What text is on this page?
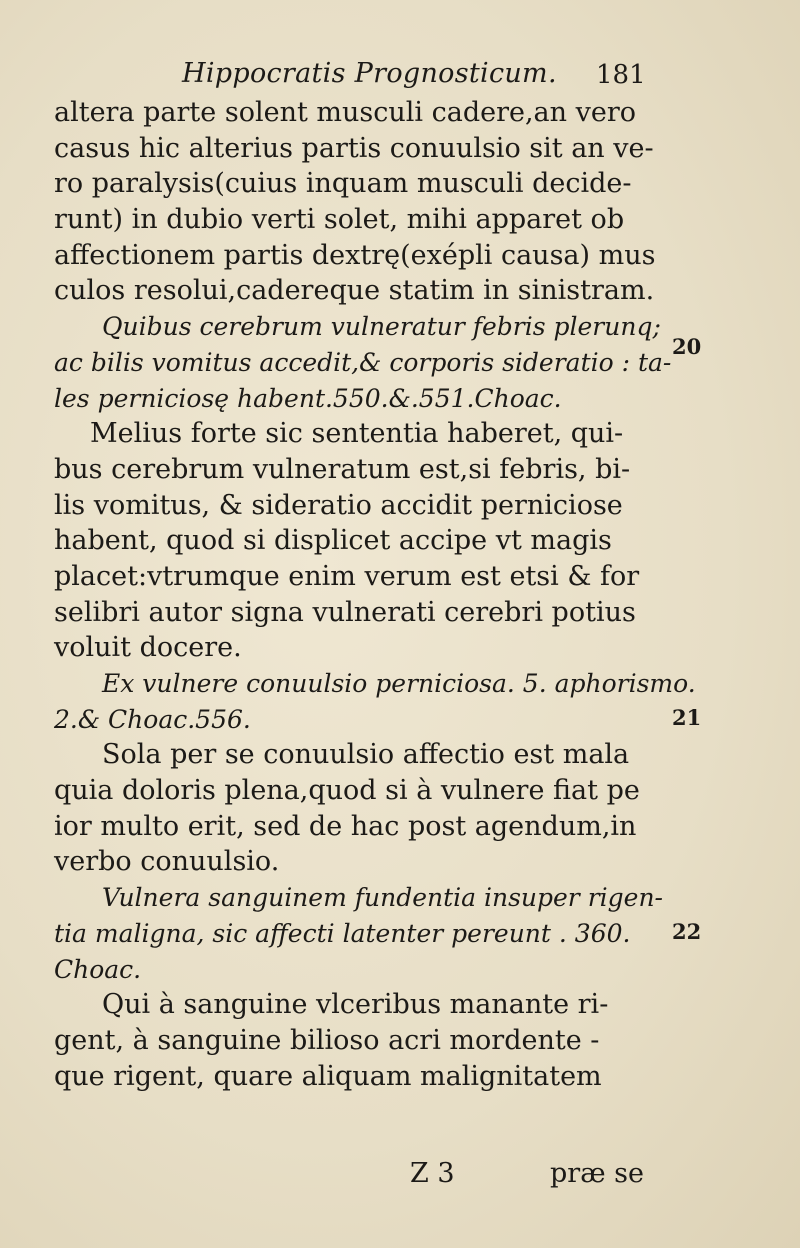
Hippocratis Prognosticum. 181
altera parte solent musculi cadere,an vero
casus hic alterius partis conuulsio sit an ve-
ro paralysis(cuius inquam musculi decide-
runt) in dubio verti solet, mihi apparet ob
affectionem partis dextrę(exépli causa) mus
culos resolui,cadereque statim in sinistram.
Quibus cerebrum vulneratur febris plerunq;
ac bilis vomitus accedit,& corporis sideratio : ta-
les perniciosę habent.550.&.551.Choac.
Melius forte sic sententia haberet, qui-
bus cerebrum vulneratum est,si febris, bi-
lis vomitus, & sideratio accidit perniciose
habent, quod si displicet accipe vt magis
placet:vtrumque enim verum est etsi & for
selibri autor signa vulnerati cerebri potius
voluit docere.
Ex vulnere conuulsio perniciosa. 5. aphorismo.
2.& Choac.556.
Sola per se conuulsio affectio est mala
quia doloris plena,quod si à vulnere fiat pe
ior multo erit, sed de hac post agendum,in
verbo conuulsio.
Vulnera sanguinem fundentia insuper rigen-
tia maligna, sic affecti latenter pereunt . 360.
Choac.
Qui à sanguine vlceribus manante ri-
gent, à sanguine bilioso acri mordente -
que rigent, quare aliquam malignitatem
20
21
22
Z 3	præ se
